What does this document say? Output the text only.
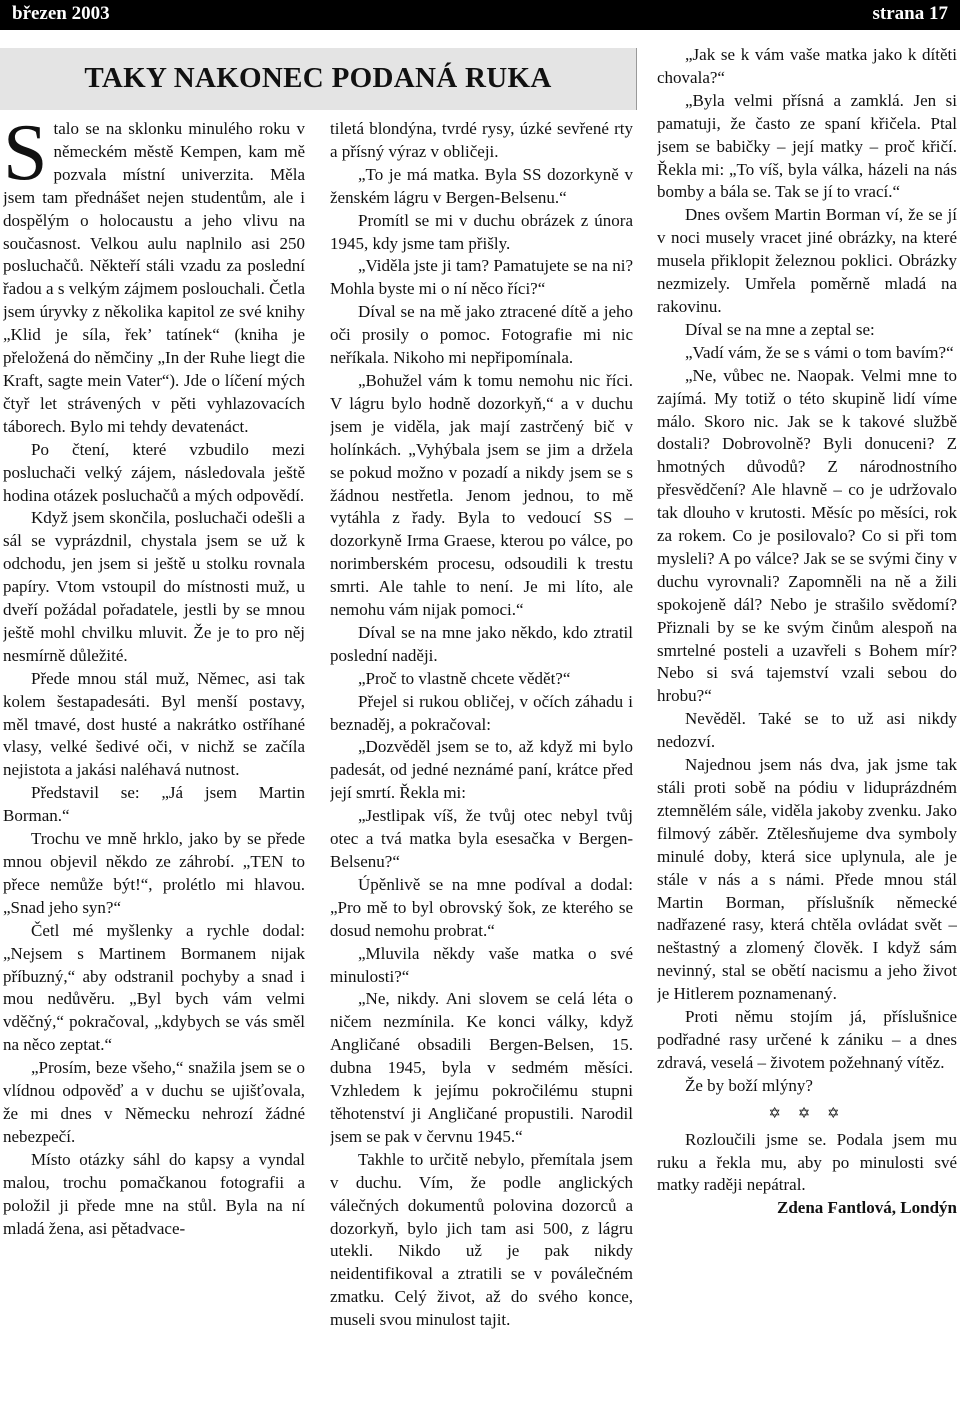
březen 2003	strana 17
TAKY NAKONEC PODANÁ RUKA

Stalo se na sklonku minulého roku v německém městě Kempen, kam mě pozvala místní univerzita. Měla jsem tam přednášet nejen studentům, ale i dospělým o holocaustu a jeho vlivu na současnost. Velkou aulu naplnilo asi 250 posluchačů. Někteří stáli vzadu za poslední řadou a s velkým zájmem poslouchali. Četla jsem úryvky z několika kapitol ze své knihy „Klid je síla, řek’ tatínek“ (kniha je přeložená do němčiny „In der Ruhe liegt die Kraft, sagte mein Vater“). Jde o líčení mých čtyř let strávených v pěti vyhlazovacích táborech. Bylo mi tehdy devatenáct.

Po čtení, které vzbudilo mezi posluchači velký zájem, následovala ještě hodina otázek posluchačů a mých odpovědí.

Když jsem skončila, posluchači odešli a sál se vyprázdnil, chystala jsem se už k odchodu, jen jsem si ještě u stolku rovnala papíry. Vtom vstoupil do místnosti muž, u dveří požádal pořadatele, jestli by se mnou ještě mohl chvilku mluvit. Že je to pro něj nesmírně důležité.

Přede mnou stál muž, Němec, asi tak kolem šestapadesáti. Byl menší postavy, měl tmavé, dost husté a nakrátko ostříhané vlasy, velké šedivé oči, v nichž se začíla nejistota a jakási naléhavá nutnost.

Představil se: „Já jsem Martin Borman.“

Trochu ve mně hrklo, jako by se přede mnou objevil někdo ze záhrobí. „TEN to přece nemůže být!“, prolétlo mi hlavou. „Snad jeho syn?“

Četl mé myšlenky a rychle dodal: „Nejsem s Martinem Bormanem nijak příbuzný,“ aby odstranil pochyby a snad i mou nedůvěru. „Byl bych vám velmi vděčný,“ pokračoval, „kdybych se vás směl na něco zeptat.“

„Prosím, beze všeho,“ snažila jsem se o vlídnou odpověď a v duchu se ujišťovala, že mi dnes v Německu nehrozí žádné nebezpečí.

Místo otázky sáhl do kapsy a vyndal malou, trochu pomačkanou fotografii a položil ji přede mne na stůl. Byla na ní mladá žena, asi pětadvace-

tiletá blondýna, tvrdé rysy, úzké sevřené rty a přísný výraz v obličeji.

„To je má matka. Byla SS dozorkyně v ženském lágru v Bergen-Belsenu.“

Promítl se mi v duchu obrázek z února 1945, kdy jsme tam přišly.

„Viděla jste ji tam? Pamatujete se na ni? Mohla byste mi o ní něco říci?“

Díval se na mě jako ztracené dítě a jeho oči prosily o pomoc. Fotografie mi nic neříkala. Nikoho mi nepřipomínala.

„Bohužel vám k tomu nemohu nic říci. V lágru bylo hodně dozorkyň,“ a v duchu jsem je viděla, jak mají zastrčený bič v holínkách. „Vyhýbala jsem se jim a držela se pokud možno v pozadí a nikdy jsem se s žádnou nestřetla. Jenom jednou, to mě vytáhla z řady. Byla to vedoucí SS – dozorkyně Irma Graese, kterou po válce, po norimberském procesu, odsoudili k trestu smrti. Ale tahle to není. Je mi líto, ale nemohu vám nijak pomoci.“

Díval se na mne jako někdo, kdo ztratil poslední naději.

„Proč to vlastně chcete vědět?“

Přejel si rukou obličej, v očích záhadu i beznaděj, a pokračoval:

„Dozvěděl jsem se to, až když mi bylo padesát, od jedné neznámé paní, krátce před její smrtí. Řekla mi:

„Jestlipak víš, že tvůj otec nebyl tvůj otec a tvá matka byla esesačka v Bergen-Belsenu?“

Úpěnlivě se na mne podíval a dodal: „Pro mě to byl obrovský šok, ze kterého se dosud nemohu probrat.“

„Mluvila někdy vaše matka o své minulosti?“

„Ne, nikdy. Ani slovem se celá léta o ničem nezmínila. Ke konci války, když Angličané obsadili Bergen-Belsen, 15. dubna 1945, byla v sedmém měsíci. Vzhledem k jejímu pokročilému stupni těhotenství ji Angličané propustili. Narodil jsem se pak v červnu 1945.“

Takhle to určitě nebylo, přemítala jsem v duchu. Vím, že podle anglických válečných dokumentů polovina dozorců a dozorkyň, bylo jich tam asi 500, z lágru utekli. Nikdo už je pak nikdy neidentifikoval a ztratili se v poválečném zmatku. Celý život, až do svého konce, museli svou minulost tajit.

„Jak se k vám vaše matka jako k dítěti chovala?“

„Byla velmi přísná a zamklá. Jen si pamatuji, že často ze spaní křičela. Ptal jsem se babičky – její matky – proč křičí. Řekla mi: „To víš, byla válka, házeli na nás bomby a bála se. Tak se jí to vrací.“

Dnes ovšem Martin Borman ví, že se jí v noci musely vracet jiné obrázky, na které musela přiklopit železnou poklici. Obrázky nezmizely. Umřela poměrně mladá na rakovinu.

Díval se na mne a zeptal se:

„Vadí vám, že se s vámi o tom bavím?“

„Ne, vůbec ne. Naopak. Velmi mne to zajímá. My totiž o této skupině lidí víme málo. Skoro nic. Jak se k takové službě dostali? Dobrovolně? Byli donuceni? Z hmotných důvodů? Z národnostního přesvědčení? Ale hlavně – co je udržovalo tak dlouho v krutosti. Měsíc po měsíci, rok za rokem. Co je posilovalo? Co si při tom mysleli? A po válce? Jak se se svými činy v duchu vyrovnali? Zapomněli na ně a žili spokojeně dál? Nebo je strašilo svědomí? Přiznali by se ke svým činům alespoň na smrtelné posteli a uzavřeli s Bohem mír? Nebo si svá tajemství vzali sebou do hrobu?“

Nevěděl. Také se to už asi nikdy nedozví.

Najednou jsem nás dva, jak jsme tak stáli proti sobě na pódiu v liduprázdném ztemnělém sále, viděla jakoby zvenku. Jako filmový záběr. Ztělesňujeme dva symboly minulé doby, která sice uplynula, ale je stále v nás a s námi. Přede mnou stál Martin Borman, příslušník německé nadřazené rasy, která chtěla ovládat svět – neštastný a zlomený člověk. I když sám nevinný, stal se obětí nacismu a jeho život je Hitlerem poznamenaný.

Proti němu stojím já, příslušnice podřadné rasy určené k zániku – a dnes zdravá, veselá – životem požehnaný vítěz.

Že by boží mlýny?

✡ ✡ ✡

Rozloučili jsme se. Podala jsem mu ruku a řekla mu, aby po minulosti své matky raději nepátral.

Zdena Fantlová, Londýn
